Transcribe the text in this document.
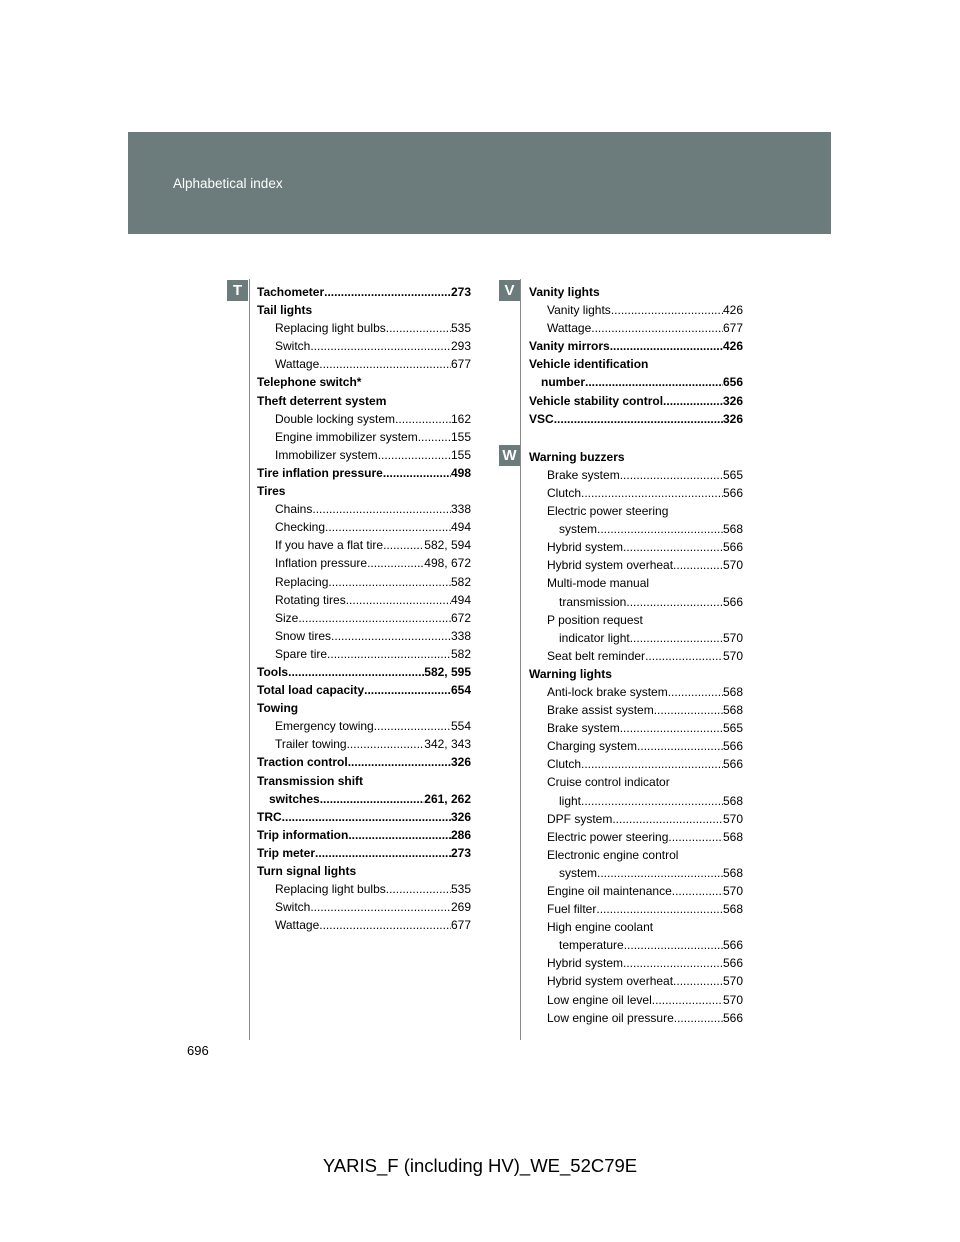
Alphabetical index
T	V
W
Tachometer .....	273
Tail lights
Replacing light bulbs .....	535
Switch .....	293
Wattage .....	677
Telephone switch*
Theft deterrent system
Double locking system .....	162
Engine immobilizer system .....	155
Immobilizer system .....	155
Tire inflation pressure .....	498
Tires
Chains .....	338
Checking .....	494
If you have a flat tire .....	582, 594
Inflation pressure .....	498, 672
Replacing .....	582
Rotating tires .....	494
Size .....	672
Snow tires .....	338
Spare tire .....	582
Tools .....	582, 595
Total load capacity .....	654
Towing
Emergency towing .....	554
Trailer towing .....	342, 343
Traction control .....	326
Transmission shift
switches .....	261, 262
TRC .....	326
Trip information .....	286
Trip meter .....	273
Turn signal lights
Replacing light bulbs .....	535
Switch .....	269
Wattage .....	677
Vanity lights
Vanity lights .....	426
Wattage .....	677
Vanity mirrors .....	426
Vehicle identification
number .....	656
Vehicle stability control .....	326
VSC .....	326
Warning buzzers
Brake system .....	565
Clutch .....	566
Electric power steering
system .....	568
Hybrid system .....	566
Hybrid system overheat .....	570
Multi-mode manual
transmission .....	566
P position request
indicator light .....	570
Seat belt reminder .....	570
Warning lights
Anti-lock brake system .....	568
Brake assist system .....	568
Brake system .....	565
Charging system .....	566
Clutch .....	566
Cruise control indicator
light .....	568
DPF system .....	570
Electric power steering .....	568
Electronic engine control
system .....	568
Engine oil maintenance .....	570
Fuel filter .....	568
High engine coolant
temperature .....	566
Hybrid system .....	566
Hybrid system overheat .....	570
Low engine oil level .....	570
Low engine oil pressure .....	566
696
YARIS_F (including HV)_WE_52C79E
